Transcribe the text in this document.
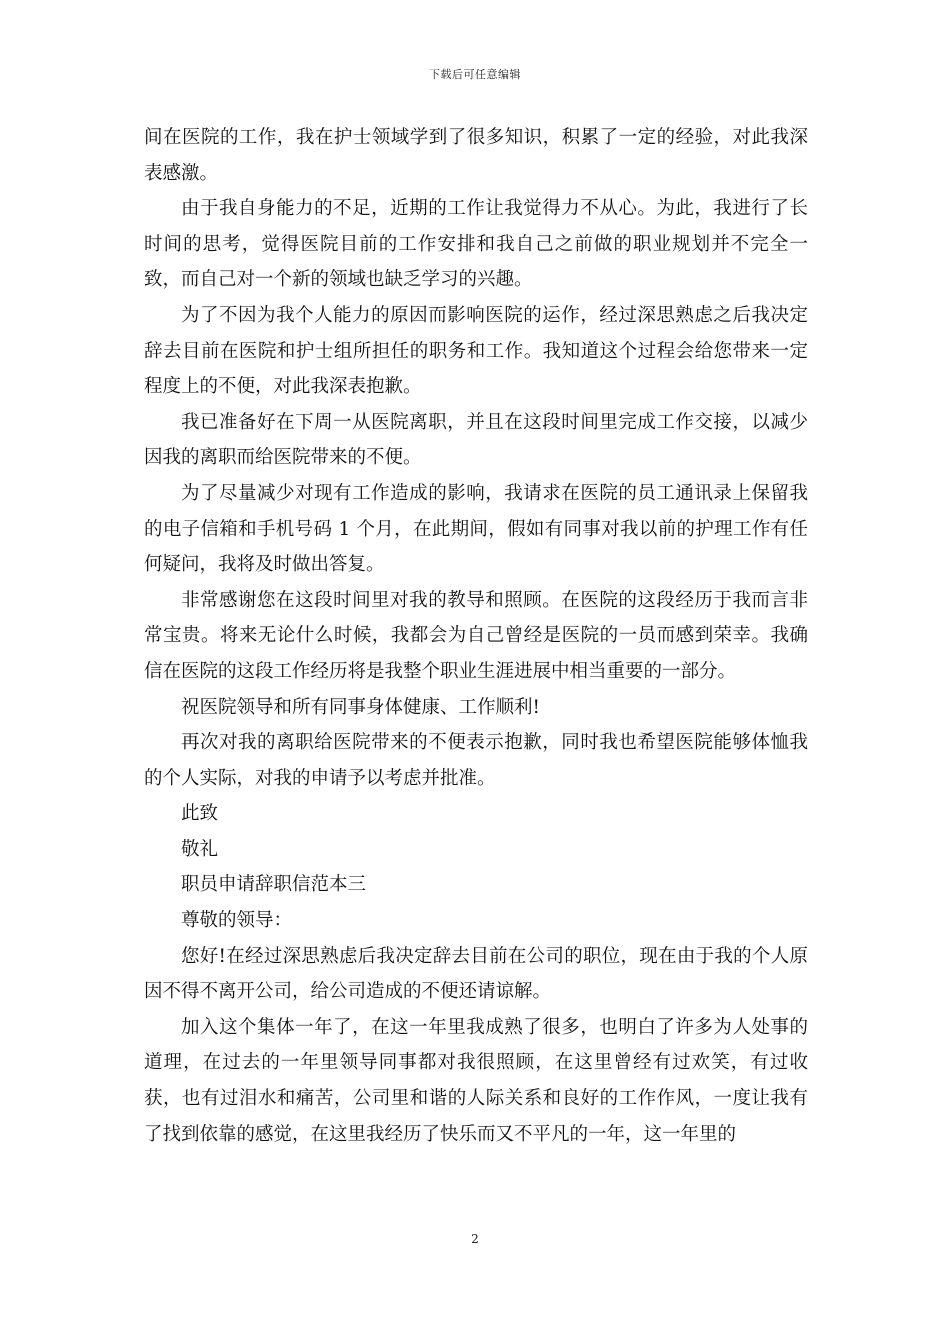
下载后可任意编辑

间在医院的工作，我在护士领域学到了很多知识，积累了一定的经验，对此我深表感激。

由于我自身能力的不足，近期的工作让我觉得力不从心。为此，我进行了长时间的思考，觉得医院目前的工作安排和我自己之前做的职业规划并不完全一致，而自己对一个新的领域也缺乏学习的兴趣。

为了不因为我个人能力的原因而影响医院的运作，经过深思熟虑之后我决定辞去目前在医院和护士组所担任的职务和工作。我知道这个过程会给您带来一定程度上的不便，对此我深表抱歉。

我已准备好在下周一从医院离职，并且在这段时间里完成工作交接，以减少因我的离职而给医院带来的不便。

为了尽量减少对现有工作造成的影响，我请求在医院的员工通讯录上保留我的电子信箱和手机号码 1 个月，在此期间，假如有同事对我以前的护理工作有任何疑问，我将及时做出答复。

非常感谢您在这段时间里对我的教导和照顾。在医院的这段经历于我而言非常宝贵。将来无论什么时候，我都会为自己曾经是医院的一员而感到荣幸。我确信在医院的这段工作经历将是我整个职业生涯进展中相当重要的一部分。

祝医院领导和所有同事身体健康、工作顺利!

再次对我的离职给医院带来的不便表示抱歉，同时我也希望医院能够体恤我的个人实际，对我的申请予以考虑并批准。

此致

敬礼

职员申请辞职信范本三

尊敬的领导：

您好!在经过深思熟虑后我决定辞去目前在公司的职位，现在由于我的个人原因不得不离开公司，给公司造成的不便还请谅解。

加入这个集体一年了，在这一年里我成熟了很多，也明白了许多为人处事的道理，在过去的一年里领导同事都对我很照顾，在这里曾经有过欢笑，有过收获，也有过泪水和痛苦，公司里和谐的人际关系和良好的工作作风，一度让我有了找到依靠的感觉，在这里我经历了快乐而又不平凡的一年，这一年里的

2
